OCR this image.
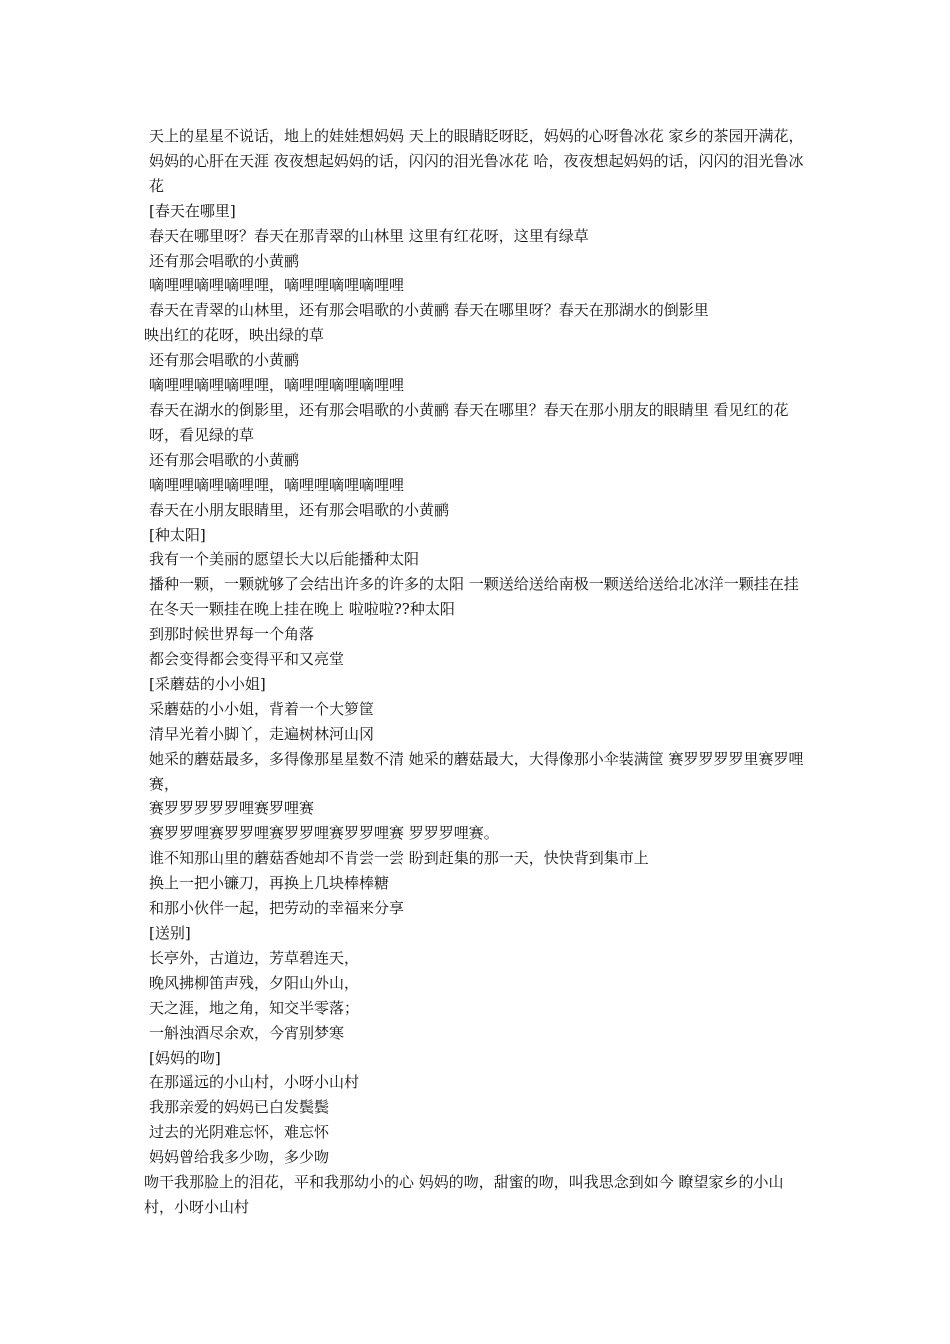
天上的星星不说话，地上的娃娃想妈妈 天上的眼睛眨呀眨，妈妈的心呀鲁冰花 家乡的茶园开满花，妈妈的心肝在天涯 夜夜想起妈妈的话，闪闪的泪光鲁冰花 哈，夜夜想起妈妈的话，闪闪的泪光鲁冰花

[春天在哪里]

春天在哪里呀？春天在那青翠的山林里 这里有红花呀，这里有绿草

还有那会唱歌的小黄鹂

嘀哩哩嘀哩嘀哩哩，嘀哩哩嘀哩嘀哩哩

春天在青翠的山林里，还有那会唱歌的小黄鹂 春天在哪里呀？春天在那湖水的倒影里

映出红的花呀，映出绿的草

还有那会唱歌的小黄鹂

嘀哩哩嘀哩嘀哩哩，嘀哩哩嘀哩嘀哩哩

春天在湖水的倒影里，还有那会唱歌的小黄鹂 春天在哪里？春天在那小朋友的眼睛里 看见红的花呀，看见绿的草

还有那会唱歌的小黄鹂

嘀哩哩嘀哩嘀哩哩，嘀哩哩嘀哩嘀哩哩

春天在小朋友眼睛里，还有那会唱歌的小黄鹂

[种太阳]

我有一个美丽的愿望长大以后能播种太阳

播种一颗，一颗就够了会结出许多的许多的太阳 一颗送给送给南极一颗送给送给北冰洋一颗挂在挂在冬天一颗挂在晚上挂在晚上 啦啦啦??种太阳

到那时候世界每一个角落

都会变得都会变得平和又亮堂

[采蘑菇的小小姐]

采蘑菇的小小姐，背着一个大箩筐

清早光着小脚丫，走遍树林河山冈

她采的蘑菇最多，多得像那星星数不清 她采的蘑菇最大，大得像那小伞装满筐 赛罗罗罗罗里赛罗哩赛，

赛罗罗罗罗罗哩赛罗哩赛

赛罗罗哩赛罗罗哩赛罗罗哩赛罗罗哩赛 罗罗罗哩赛。

谁不知那山里的蘑菇香她却不肯尝一尝 盼到赶集的那一天，快快背到集市上

换上一把小镰刀，再换上几块棒棒糖

和那小伙伴一起，把劳动的幸福来分享

[送别]

长亭外，古道边，芳草碧连天，

晚风拂柳笛声残，夕阳山外山，

天之涯，地之角，知交半零落；

一斛浊酒尽余欢，今宵别梦寒

[妈妈的吻]

在那遥远的小山村，小呀小山村

我那亲爱的妈妈已白发鬓鬓

过去的光阴难忘怀，难忘怀

妈妈曾给我多少吻，多少吻

吻干我那脸上的泪花，平和我那幼小的心 妈妈的吻，甜蜜的吻，叫我思念到如今 瞭望家乡的小山村，小呀小山村
